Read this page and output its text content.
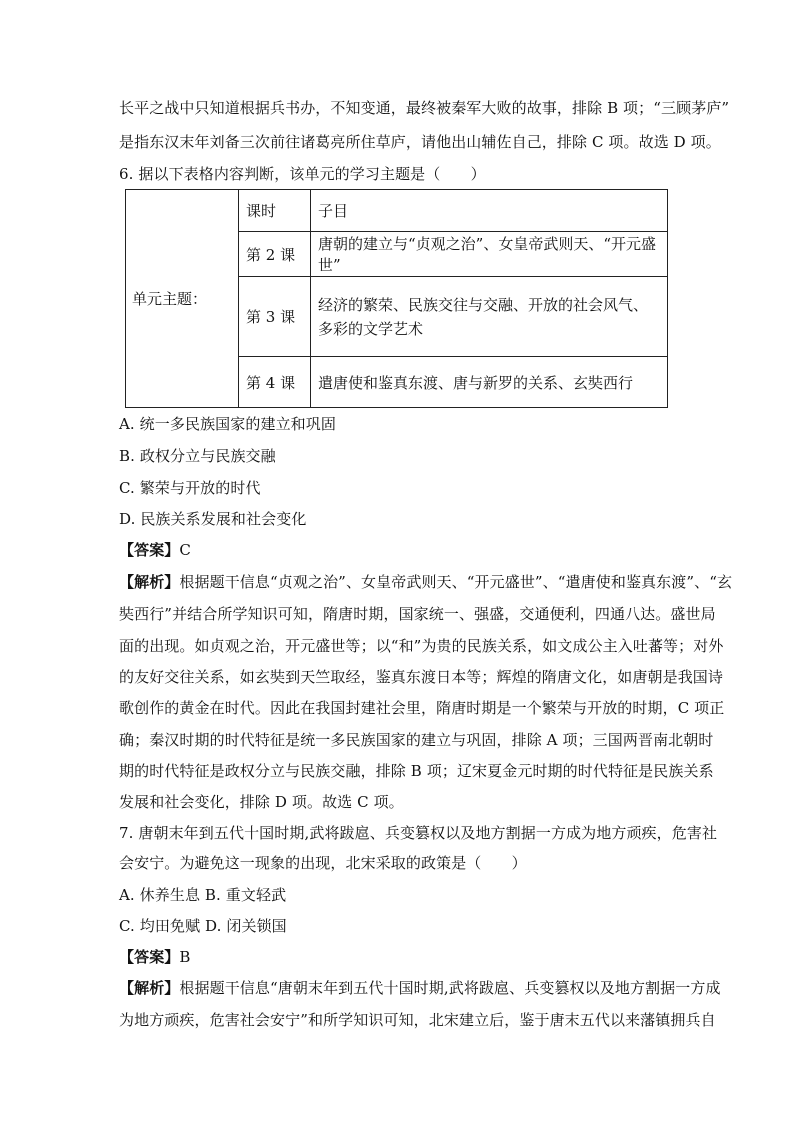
长平之战中只知道根据兵书办，不知变通，最终被秦军大败的故事，排除 B 项；“三顾茅庐”
是指东汉末年刘备三次前往诸葛亮所住草庐，请他出山辅佐自己，排除 C 项。故选 D 项。
6. 据以下表格内容判断，该单元的学习主题是（　　）
单元主题：	课时	子目
	第 2 课	唐朝的建立与“贞观之治”、女皇帝武则天、“开元盛世”
	第 3 课	经济的繁荣、民族交往与交融、开放的社会风气、多彩的文学艺术
	第 4 课	遣唐使和鉴真东渡、唐与新罗的关系、玄奘西行
A. 统一多民族国家的建立和巩固
B. 政权分立与民族交融
C. 繁荣与开放的时代
D. 民族关系发展和社会变化
【答案】C
【解析】根据题干信息“贞观之治”、女皇帝武则天、“开元盛世”、“遣唐使和鉴真东渡”、“玄
奘西行”并结合所学知识可知，隋唐时期，国家统一、强盛，交通便利，四通八达。盛世局
面的出现。如贞观之治，开元盛世等；以“和”为贵的民族关系，如文成公主入吐蕃等；对外
的友好交往关系，如玄奘到天竺取经，鉴真东渡日本等；辉煌的隋唐文化，如唐朝是我国诗
歌创作的黄金在时代。因此在我国封建社会里，隋唐时期是一个繁荣与开放的时期，C 项正
确；秦汉时期的时代特征是统一多民族国家的建立与巩固，排除 A 项；三国两晋南北朝时
期的时代特征是政权分立与民族交融，排除 B 项；辽宋夏金元时期的时代特征是民族关系
发展和社会变化，排除 D 项。故选 C 项。
7. 唐朝末年到五代十国时期,武将跋扈、兵变篡权以及地方割据一方成为地方顽疾，危害社
会安宁。为避免这一现象的出现，北宋采取的政策是（　　）
A. 休养生息 B. 重文轻武
C. 均田免赋 D. 闭关锁国
【答案】B
【解析】根据题干信息“唐朝末年到五代十国时期,武将跋扈、兵变篡权以及地方割据一方成
为地方顽疾，危害社会安宁”和所学知识可知，北宋建立后，鉴于唐末五代以来藩镇拥兵自
